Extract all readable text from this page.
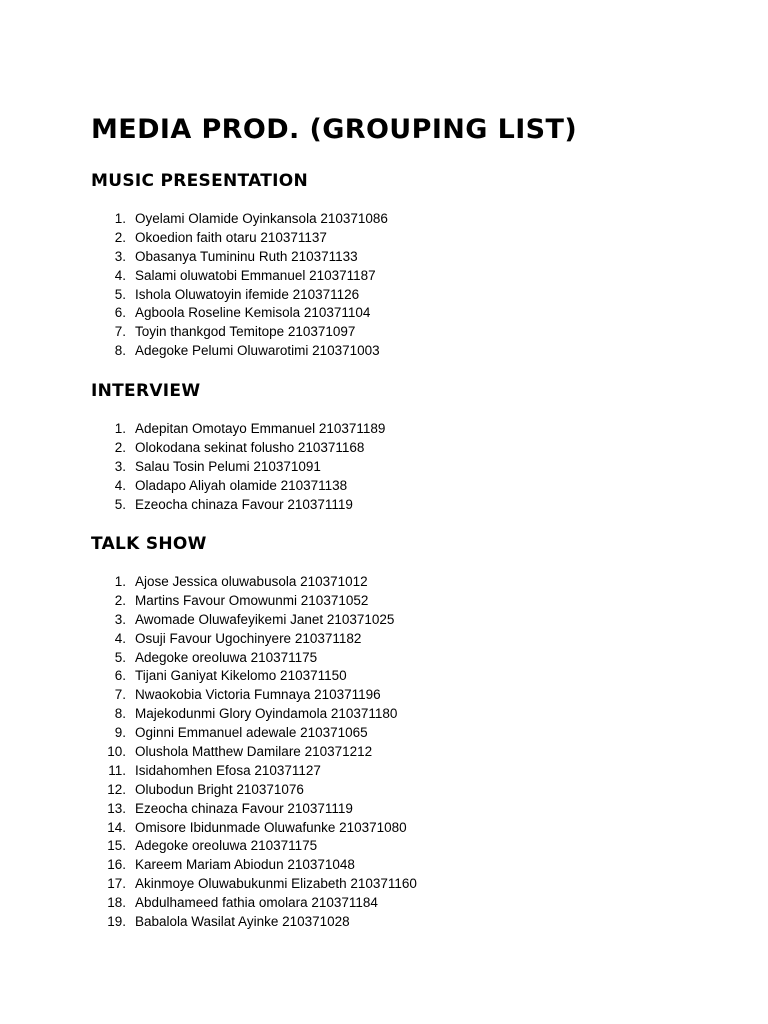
MEDIA PROD. (GROUPING LIST)
MUSIC PRESENTATION
1. Oyelami Olamide Oyinkansola 210371086
2. Okoedion faith otaru 210371137
3. Obasanya Tumininu Ruth 210371133
4. Salami oluwatobi Emmanuel 210371187
5. Ishola Oluwatoyin ifemide 210371126
6. Agboola Roseline Kemisola 210371104
7. Toyin thankgod Temitope 210371097
8. Adegoke Pelumi Oluwarotimi 210371003
INTERVIEW
1. Adepitan Omotayo Emmanuel 210371189
2. Olokodana sekinat folusho 210371168
3. Salau Tosin Pelumi 210371091
4. Oladapo Aliyah olamide 210371138
5. Ezeocha chinaza Favour 210371119
TALK SHOW
1. Ajose Jessica oluwabusola 210371012
2. Martins Favour Omowunmi 210371052
3. Awomade Oluwafeyikemi Janet 210371025
4. Osuji Favour Ugochinyere 210371182
5. Adegoke oreoluwa 210371175
6. Tijani Ganiyat Kikelomo 210371150
7. Nwaokobia Victoria Fumnaya 210371196
8. Majekodunmi Glory Oyindamola 210371180
9. Oginni Emmanuel adewale 210371065
10. Olushola Matthew Damilare 210371212
11. Isidahomhen Efosa 210371127
12. Olubodun Bright 210371076
13. Ezeocha chinaza Favour 210371119
14. Omisore Ibidunmade Oluwafunke 210371080
15. Adegoke oreoluwa 210371175
16. Kareem Mariam Abiodun 210371048
17. Akinmoye Oluwabukunmi Elizabeth 210371160
18. Abdulhameed fathia omolara 210371184
19. Babalola Wasilat Ayinke 210371028
